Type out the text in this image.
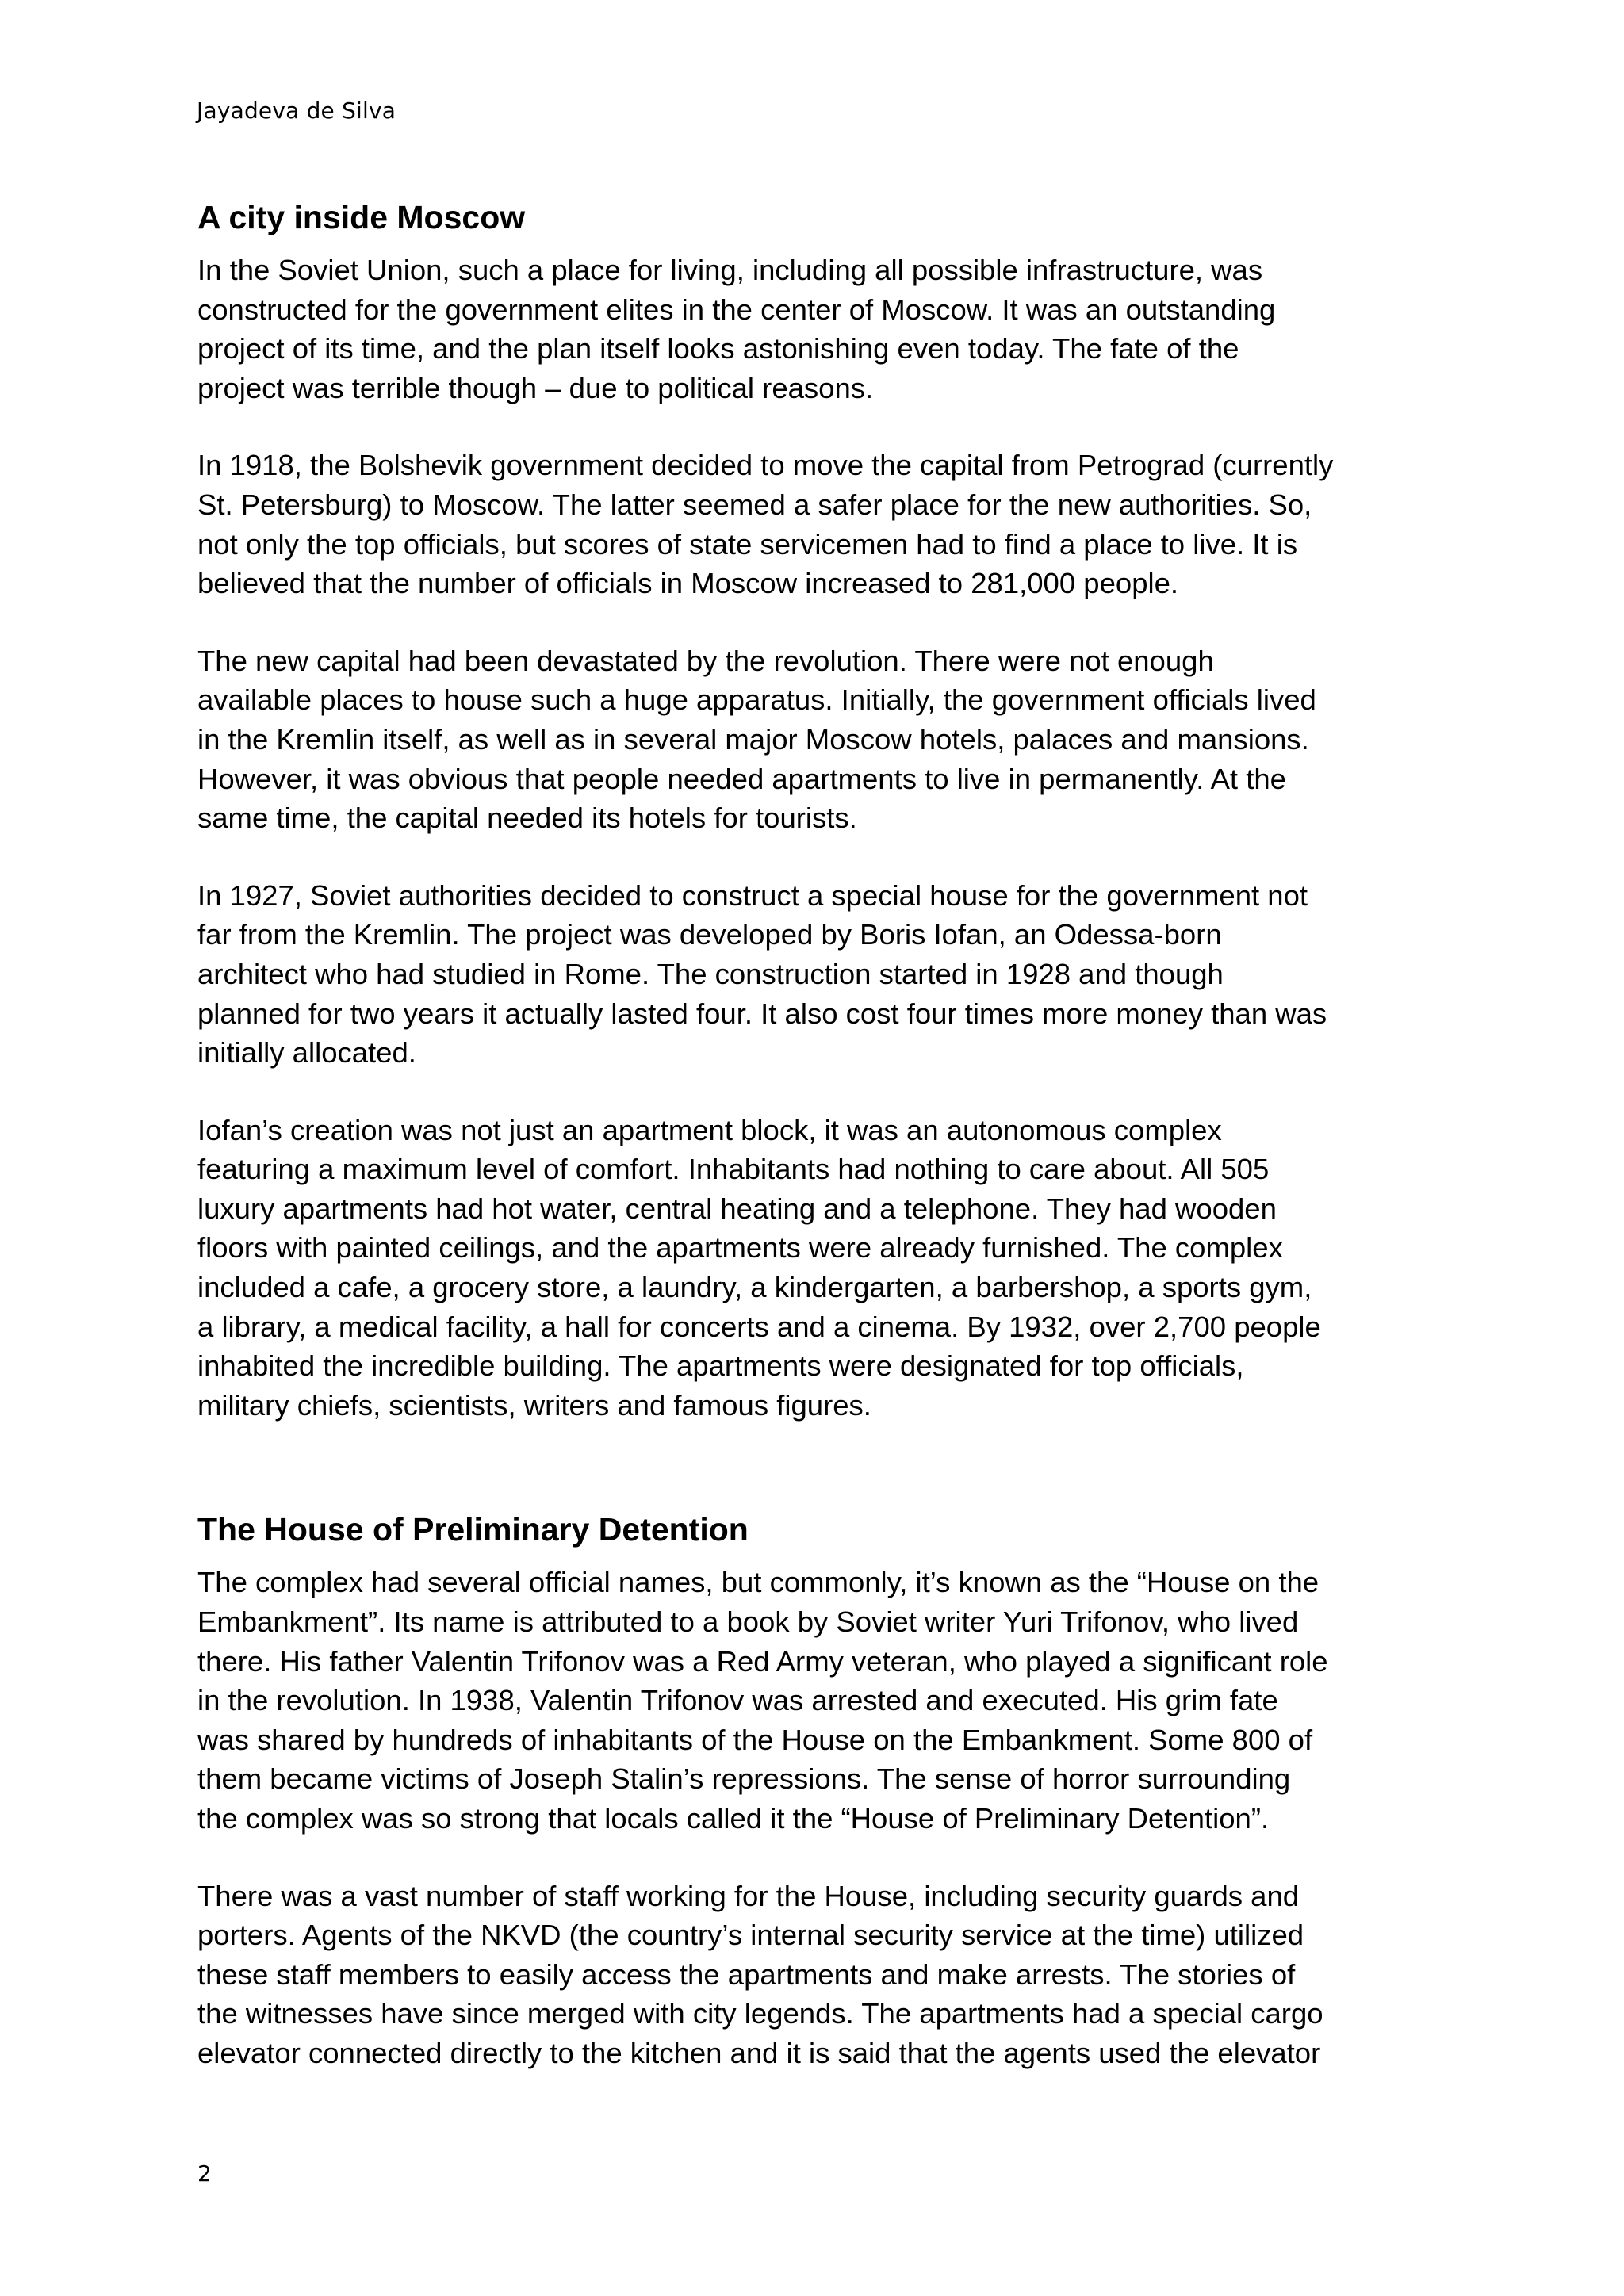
Jayadeva de Silva
A city inside Moscow

In the Soviet Union, such a place for living, including all possible infrastructure, was
constructed for the government elites in the center of Moscow. It was an outstanding
project of its time, and the plan itself looks astonishing even today. The fate of the
project was terrible though – due to political reasons.

In 1918, the Bolshevik government decided to move the capital from Petrograd (currently
St. Petersburg) to Moscow. The latter seemed a safer place for the new authorities. So,
not only the top officials, but scores of state servicemen had to find a place to live. It is
believed that the number of officials in Moscow increased to 281,000 people.

The new capital had been devastated by the revolution. There were not enough
available places to house such a huge apparatus. Initially, the government officials lived
in the Kremlin itself, as well as in several major Moscow hotels, palaces and mansions.
However, it was obvious that people needed apartments to live in permanently. At the
same time, the capital needed its hotels for tourists.

In 1927, Soviet authorities decided to construct a special house for the government not
far from the Kremlin. The project was developed by Boris Iofan, an Odessa-born
architect who had studied in Rome. The construction started in 1928 and though
planned for two years it actually lasted four. It also cost four times more money than was
initially allocated.

Iofan’s creation was not just an apartment block, it was an autonomous complex
featuring a maximum level of comfort. Inhabitants had nothing to care about. All 505
luxury apartments had hot water, central heating and a telephone. They had wooden
floors with painted ceilings, and the apartments were already furnished. The complex
included a cafe, a grocery store, a laundry, a kindergarten, a barbershop, a sports gym,
a library, a medical facility, a hall for concerts and a cinema. By 1932, over 2,700 people
inhabited the incredible building. The apartments were designated for top officials,
military chiefs, scientists, writers and famous figures.

The House of Preliminary Detention

The complex had several official names, but commonly, it’s known as the “House on the
Embankment”. Its name is attributed to a book by Soviet writer Yuri Trifonov, who lived
there. His father Valentin Trifonov was a Red Army veteran, who played a significant role
in the revolution. In 1938, Valentin Trifonov was arrested and executed. His grim fate
was shared by hundreds of inhabitants of the House on the Embankment. Some 800 of
them became victims of Joseph Stalin’s repressions. The sense of horror surrounding
the complex was so strong that locals called it the “House of Preliminary Detention”.

There was a vast number of staff working for the House, including security guards and
porters. Agents of the NKVD (the country’s internal security service at the time) utilized
these staff members to easily access the apartments and make arrests. The stories of
the witnesses have since merged with city legends. The apartments had a special cargo
elevator connected directly to the kitchen and it is said that the agents used the elevator

2
